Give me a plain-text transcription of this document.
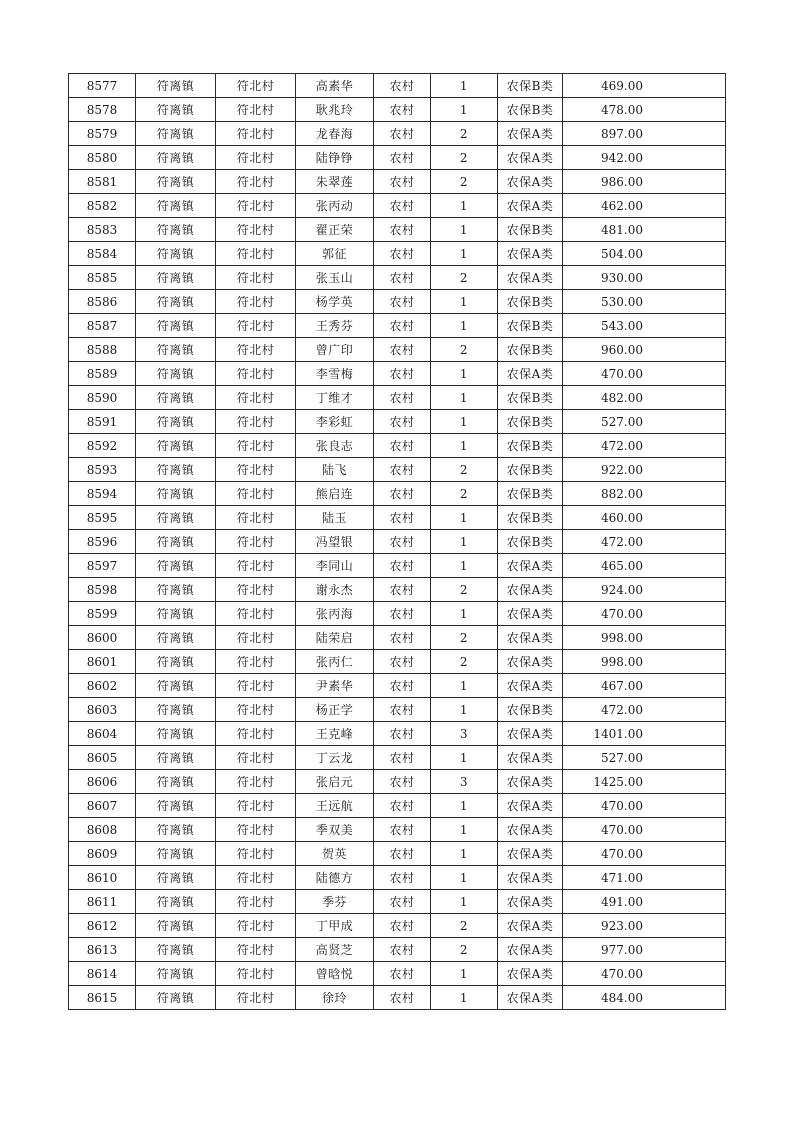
8577	符离镇	符北村	高素华	农村	1	农保B类	469.00
8578	符离镇	符北村	耿兆玲	农村	1	农保B类	478.00
8579	符离镇	符北村	龙春海	农村	2	农保A类	897.00
8580	符离镇	符北村	陆铮铮	农村	2	农保A类	942.00
8581	符离镇	符北村	朱翠莲	农村	2	农保A类	986.00
8582	符离镇	符北村	张丙动	农村	1	农保A类	462.00
8583	符离镇	符北村	翟正荣	农村	1	农保B类	481.00
8584	符离镇	符北村	郭征	农村	1	农保A类	504.00
8585	符离镇	符北村	张玉山	农村	2	农保A类	930.00
8586	符离镇	符北村	杨学英	农村	1	农保B类	530.00
8587	符离镇	符北村	王秀芬	农村	1	农保B类	543.00
8588	符离镇	符北村	曾广印	农村	2	农保B类	960.00
8589	符离镇	符北村	李雪梅	农村	1	农保A类	470.00
8590	符离镇	符北村	丁维才	农村	1	农保B类	482.00
8591	符离镇	符北村	李彩虹	农村	1	农保B类	527.00
8592	符离镇	符北村	张良志	农村	1	农保B类	472.00
8593	符离镇	符北村	陆飞	农村	2	农保B类	922.00
8594	符离镇	符北村	熊启连	农村	2	农保B类	882.00
8595	符离镇	符北村	陆玉	农村	1	农保B类	460.00
8596	符离镇	符北村	冯望银	农村	1	农保B类	472.00
8597	符离镇	符北村	李同山	农村	1	农保A类	465.00
8598	符离镇	符北村	谢永杰	农村	2	农保A类	924.00
8599	符离镇	符北村	张丙海	农村	1	农保A类	470.00
8600	符离镇	符北村	陆荣启	农村	2	农保A类	998.00
8601	符离镇	符北村	张丙仁	农村	2	农保A类	998.00
8602	符离镇	符北村	尹素华	农村	1	农保A类	467.00
8603	符离镇	符北村	杨正学	农村	1	农保B类	472.00
8604	符离镇	符北村	王克峰	农村	3	农保A类	1401.00
8605	符离镇	符北村	丁云龙	农村	1	农保A类	527.00
8606	符离镇	符北村	张启元	农村	3	农保A类	1425.00
8607	符离镇	符北村	王远航	农村	1	农保A类	470.00
8608	符离镇	符北村	季双美	农村	1	农保A类	470.00
8609	符离镇	符北村	贺英	农村	1	农保A类	470.00
8610	符离镇	符北村	陆德方	农村	1	农保A类	471.00
8611	符离镇	符北村	季芬	农村	1	农保A类	491.00
8612	符离镇	符北村	丁甲成	农村	2	农保A类	923.00
8613	符离镇	符北村	高贤芝	农村	2	农保A类	977.00
8614	符离镇	符北村	曾晗悦	农村	1	农保A类	470.00
8615	符离镇	符北村	徐玲	农村	1	农保A类	484.00
